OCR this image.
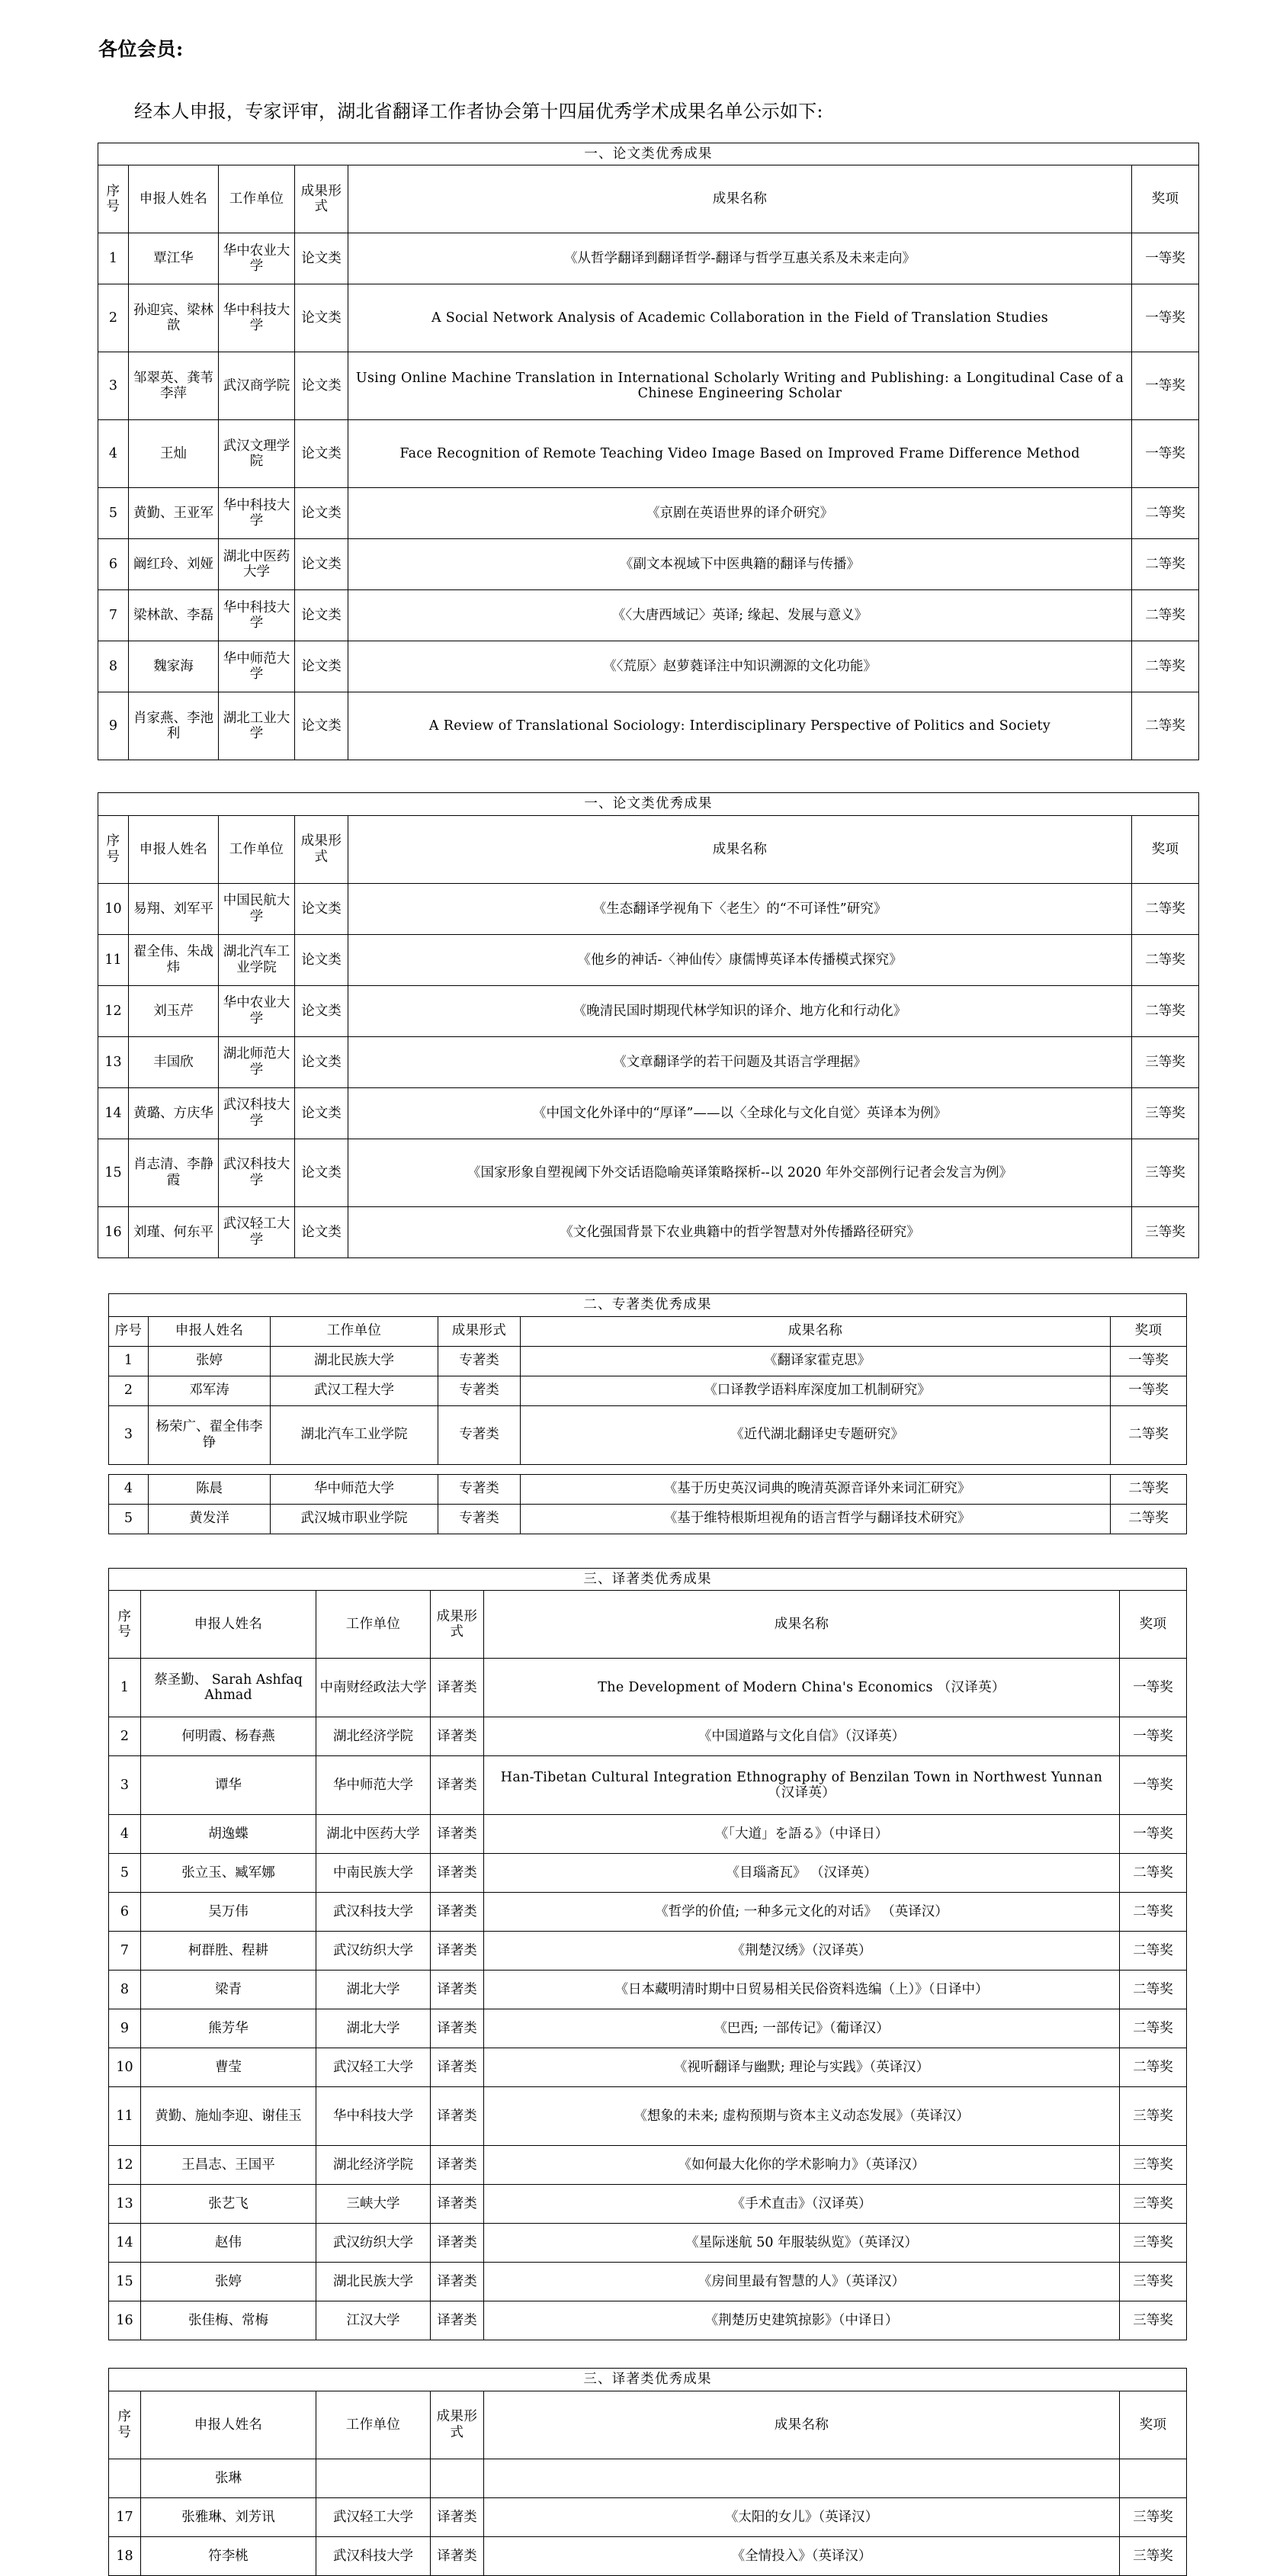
各位会员:
经本人申报，专家评审，湖北省翻译工作者协会第十四届优秀学术成果名单公示如下:
一、论文类优秀成果					
序号	申报人姓名	工作单位	成果形式	成果名称	奖项
1	覃江华	华中农业大学	论文类	《从哲学翻译到翻译哲学-翻译与哲学互惠关系及未来走向》	一等奖
2	孙迎宾、梁林歆	华中科技大学	论文类	A Social Network Analysis of Academic Collaboration in the Field of Translation Studies	一等奖
3	邹翠英、龚苇李萍	武汉商学院	论文类	Using Online Machine Translation in International Scholarly Writing and Publishing: a Longitudinal Case of a Chinese Engineering Scholar	一等奖
4	王灿	武汉文理学院	论文类	Face Recognition of Remote Teaching Video Image Based on Improved Frame Difference Method	一等奖
5	黄勤、王亚军	华中科技大学	论文类	《京剧在英语世界的译介研究》	二等奖
6	阚红玲、刘娅	湖北中医药大学	论文类	《副文本视域下中医典籍的翻译与传播》	二等奖
7	梁林歆、李磊	华中科技大学	论文类	《〈大唐西域记〉英译; 缘起、发展与意义》	二等奖
8	魏家海	华中师范大学	论文类	《〈荒原〉赵萝蕤译注中知识溯源的文化功能》	二等奖
9	肖家燕、李池利	湖北工业大学	论文类	A Review of Translational Sociology: Interdisciplinary Perspective of Politics and Society	二等奖
一、论文类优秀成果					
序号	申报人姓名	工作单位	成果形式	成果名称	奖项
10	易翔、刘军平	中国民航大学	论文类	《生态翻译学视角下〈老生〉的“不可译性”研究》	二等奖
11	翟全伟、朱战炜	湖北汽车工业学院	论文类	《他乡的神话-〈神仙传〉康儒博英译本传播模式探究》	二等奖
12	刘玉芹	华中农业大学	论文类	《晚清民国时期现代林学知识的译介、地方化和行动化》	二等奖
13	丰国欣	湖北师范大学	论文类	《文章翻译学的若干问题及其语言学理据》	三等奖
14	黄璐、方庆华	武汉科技大学	论文类	《中国文化外译中的“厚译”——以〈全球化与文化自觉〉英译本为例》	三等奖
15	肖志清、李静霞	武汉科技大学	论文类	《国家形象自塑视阈下外交话语隐喻英译策略探析--以 2020 年外交部例行记者会发言为例》	三等奖
16	刘瑾、何东平	武汉轻工大学	论文类	《文化强国背景下农业典籍中的哲学智慧对外传播路径研究》	三等奖
二、专著类优秀成果					
序号	申报人姓名	工作单位	成果形式	成果名称	奖项
1	张婷	湖北民族大学	专著类	《翻译家霍克思》	一等奖
2	邓军涛	武汉工程大学	专著类	《口译教学语料库深度加工机制研究》	一等奖
3	杨荣广、翟全伟李铮	湖北汽车工业学院	专著类	《近代湖北翻译史专题研究》	二等奖
4	陈晨	华中师范大学	专著类	《基于历史英汉词典的晚清英源音译外来词汇研究》	二等奖
5	黄发洋	武汉城市职业学院	专著类	《基于维特根斯坦视角的语言哲学与翻译技术研究》	二等奖
三、译著类优秀成果					
序号	申报人姓名	工作单位	成果形式	成果名称	奖项
1	蔡圣勤、 Sarah Ashfaq Ahmad	中南财经政法大学	译著类	The Development of Modern China's Economics （汉译英）	一等奖
2	何明霞、杨春燕	湖北经济学院	译著类	《中国道路与文化自信》（汉译英）	一等奖
3	谭华	华中师范大学	译著类	Han-Tibetan Cultural Integration Ethnography of Benzilan Town in Northwest Yunnan （汉译英）	一等奖
4	胡逸蝶	湖北中医药大学	译著类	《「大道」を語る》（中译日）	一等奖
5	张立玉、臧军娜	中南民族大学	译著类	《目瑙斋瓦》 （汉译英）	二等奖
6	吴万伟	武汉科技大学	译著类	《哲学的价值; 一种多元文化的对话》 （英译汉）	二等奖
7	柯群胜、程耕	武汉纺织大学	译著类	《荆楚汉绣》（汉译英）	二等奖
8	梁青	湖北大学	译著类	《日本藏明清时期中日贸易相关民俗资料选编（上）》（日译中）	二等奖
9	熊芳华	湖北大学	译著类	《巴西; 一部传记》（葡译汉）	二等奖
10	曹莹	武汉轻工大学	译著类	《视听翻译与幽默; 理论与实践》（英译汉）	二等奖
11	黄勤、施灿李迎、谢佳玉	华中科技大学	译著类	《想象的未来; 虚构预期与资本主义动态发展》（英译汉）	三等奖
12	王昌志、王国平	湖北经济学院	译著类	《如何最大化你的学术影响力》（英译汉）	三等奖
13	张艺飞	三峡大学	译著类	《手术直击》（汉译英）	三等奖
14	赵伟	武汉纺织大学	译著类	《星际迷航 50 年服装纵览》（英译汉）	三等奖
15	张婷	湖北民族大学	译著类	《房间里最有智慧的人》（英译汉）	三等奖
16	张佳梅、常梅	江汉大学	译著类	《荆楚历史建筑掠影》（中译日）	三等奖
三、译著类优秀成果					
序号	申报人姓名	工作单位	成果形式	成果名称	奖项
	张琳				
17	张雅琳、刘芳讯	武汉轻工大学	译著类	《太阳的女儿》（英译汉）	三等奖
18	符李桃	武汉科技大学	译著类	《全情投入》（英译汉）	三等奖
